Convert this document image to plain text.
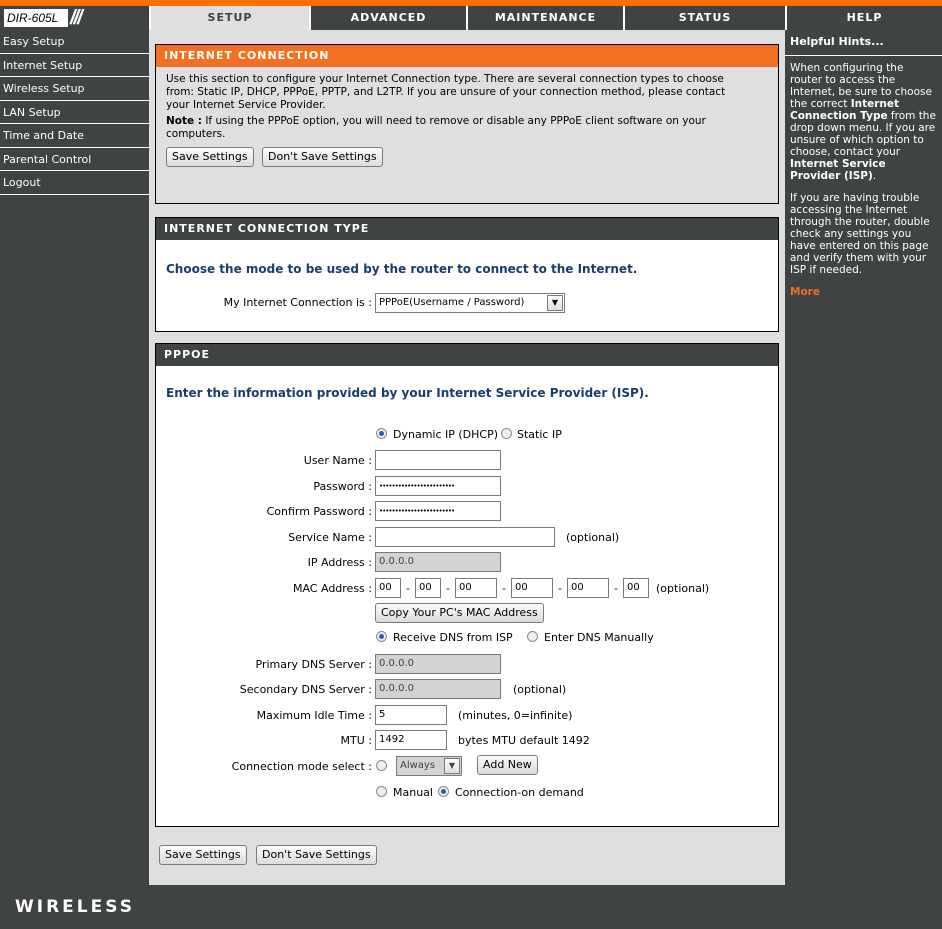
DIR-605L ///	SETUP	ADVANCED	MAINTENANCE	STATUS	HELP
Easy Setup
Internet Setup
Wireless Setup
LAN Setup
Time and Date
Parental Control
Logout
INTERNET CONNECTION
Use this section to configure your Internet Connection type. There are several connection types to choose
from: Static IP, DHCP, PPPoE, PPTP, and L2TP. If you are unsure of your connection method, please contact
your Internet Service Provider.
Note : If using the PPPoE option, you will need to remove or disable any PPPoE client software on your
computers.
Save Settings	Don't Save Settings
INTERNET CONNECTION TYPE
Choose the mode to be used by the router to connect to the Internet.
My Internet Connection is : PPPoE(Username / Password)	▼
PPPOE
Enter the information provided by your Internet Service Provider (ISP).
Dynamic IP (DHCP) Static IP
User Name :
Password :	••••••••••••••••••••••••
Confirm Password :	••••••••••••••••••••••••
Service Name :	(optional)
IP Address : 0.0.0.0
MAC Address : 00	- 00	- 00	- 00	- 00	- 00	(optional)
Copy Your PC's MAC Address
Receive DNS from ISP	Enter DNS Manually
Primary DNS Server : 0.0.0.0
Secondary DNS Server : 0.0.0.0	(optional)
Maximum Idle Time : 5	(minutes, 0=infinite)
MTU : 1492	bytes MTU default 1492
Connection mode select :	Always	▼	Add New
Manual Connection-on demand
Save Settings	Don't Save Settings
Helpful Hints...

When configuring the router to access the Internet, be sure to choose the correct Internet Connection Type from the drop down menu. If you are unsure of which option to choose, contact your Internet Service Provider (ISP).

If you are having trouble accessing the Internet through the router, double check any settings you have entered on this page and verify them with your ISP if needed.

More

WIRELESS
